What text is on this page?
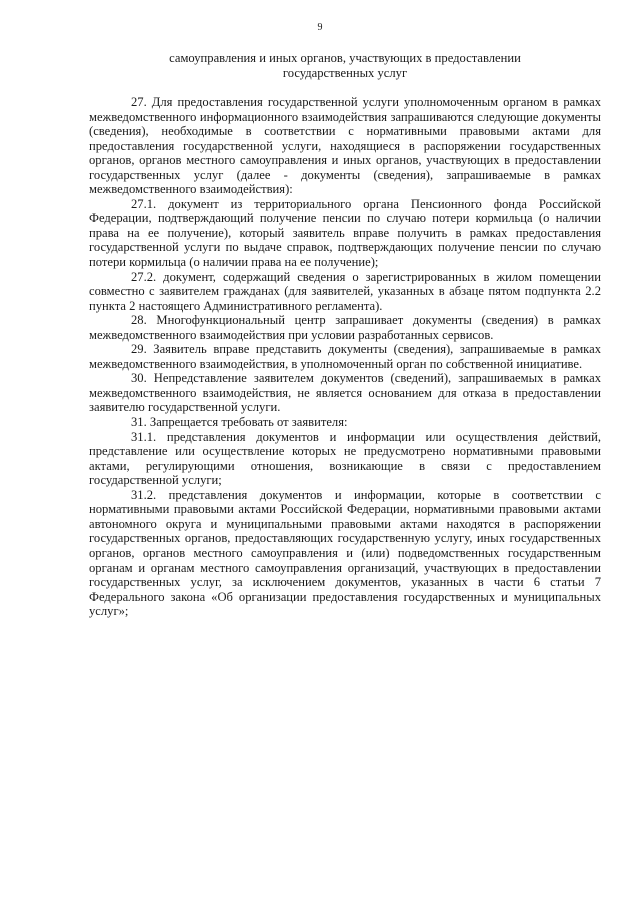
9
самоуправления и иных органов, участвующих в предоставлении
государственных услуг

27. Для предоставления государственной услуги уполномоченным органом в рамках межведомственного информационного взаимодействия запрашиваются следующие документы (сведения), необходимые в соответствии с нормативными правовыми актами для предоставления государственной услуги, находящиеся в распоряжении государственных органов, органов местного самоуправления и иных органов, участвующих в предоставлении государственных услуг (далее - документы (сведения), запрашиваемые в рамках межведомственного взаимодействия):

27.1. документ из территориального органа Пенсионного фонда Российской Федерации, подтверждающий получение пенсии по случаю потери кормильца (о наличии права на ее получение), который заявитель вправе получить в рамках предоставления государственной услуги по выдаче справок, подтверждающих получение пенсии по случаю потери кормильца (о наличии права на ее получение);

27.2. документ, содержащий сведения о зарегистрированных в жилом помещении совместно с заявителем гражданах (для заявителей, указанных в абзаце пятом подпункта 2.2 пункта 2 настоящего Административного регламента).

28. Многофункциональный центр запрашивает документы (сведения) в рамках межведомственного взаимодействия при условии разработанных сервисов.

29. Заявитель вправе представить документы (сведения), запрашиваемые в рамках межведомственного взаимодействия, в уполномоченный орган по собственной инициативе.

30. Непредставление заявителем документов (сведений), запрашиваемых в рамках межведомственного взаимодействия, не является основанием для отказа в предоставлении заявителю государственной услуги.

31. Запрещается требовать от заявителя:

31.1. представления документов и информации или осуществления действий, представление или осуществление которых не предусмотрено нормативными правовыми актами, регулирующими отношения, возникающие в связи с предоставлением государственной услуги;

31.2. представления документов и информации, которые в соответствии с нормативными правовыми актами Российской Федерации, нормативными правовыми актами автономного округа и муниципальными правовыми актами находятся в распоряжении государственных органов, предоставляющих государственную услугу, иных государственных органов, органов местного самоуправления и (или) подведомственных государственным органам и органам местного самоуправления организаций, участвующих в предоставлении государственных услуг, за исключением документов, указанных в части 6 статьи 7 Федерального закона «Об организации предоставления государственных и муниципальных услуг»;
